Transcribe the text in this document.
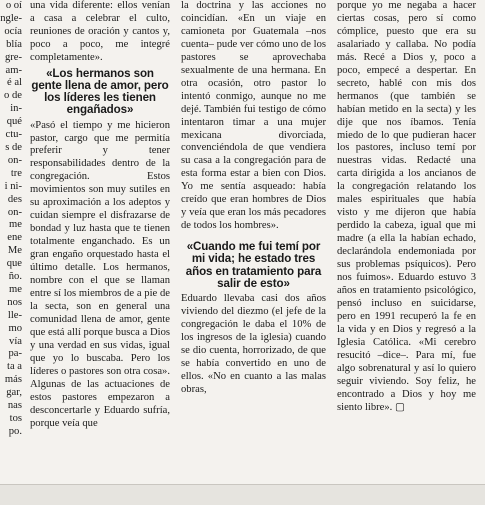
o oí

ngle-

ocía

blía

gre-

am-

é al

o de

in-

qué

ctu-

s de

on-

tre

i ni-

des

on-

me

ene

Me

que

ño.

me

nos

lle-

mo

vía

pa-

ta a

más

gar,

nas

tos

po.

una vida diferente: ellos venían a casa a celebrar el culto, reuniones de oración y cantos y, poco a poco, me integré completamente».

«Los hermanos son gente llena de amor, pero los líderes les tienen engañados»

«Pasó el tiempo y me hicieron pastor, cargo que me permitía preferir y tener responsabilidades dentro de la congregación. Estos movimientos son muy sutiles en su aproximación a los adeptos y cuidan siempre el disfrazarse de bondad y luz hasta que te tienen totalmente enganchado. Es un gran engaño orquestado hasta el último detalle. Los hermanos, nombre con el que se llaman entre sí los miembros de a pie de la secta, son en general una comunidad llena de amor, gente que está allí porque busca a Dios y una verdad en sus vidas, igual que yo lo buscaba. Pero los líderes o pastores son otra cosa». Algunas de las actuaciones de estos pastores empezaron a desconcertarle y Eduardo sufría, porque veía que

la doctrina y las acciones no coincidían. «En un viaje en camioneta por Guatemala –nos cuenta– pude ver cómo uno de los pastores se aprovechaba sexualmente de una hermana. En otra ocasión, otro pastor lo intentó conmigo, aunque no me dejé. También fui testigo de cómo intentaron timar a una mujer mexicana divorciada, convenciéndola de que vendiera su casa a la congregación para de esta forma estar a bien con Dios. Yo me sentía asqueado: había creído que eran hombres de Dios y veía que eran los más pecadores de todos los hombres».

«Cuando me fui temí por mi vida; he estado tres años en tratamiento para salir de esto»

Eduardo llevaba casi dos años viviendo del diezmo (el jefe de la congregación le daba el 10% de los ingresos de la iglesia) cuando se dio cuenta, horrorizado, de que se había convertido en uno de ellos. «No en cuanto a las malas obras,

porque yo me negaba a hacer ciertas cosas, pero sí como cómplice, puesto que era su asalariado y callaba. No podía más. Recé a Dios y, poco a poco, empecé a despertar. En secreto, hablé con mis dos hermanos (que también se habían metido en la secta) y les dije que nos íbamos. Tenía miedo de lo que pudieran hacer los pastores, incluso temí por nuestras vidas. Redacté una carta dirigida a los ancianos de la congregación relatando los males espirituales que había visto y me dijeron que había perdido la cabeza, igual que mi madre (a ella la habían echado, declarándola endemoniada por sus problemas psíquicos). Pero nos fuimos». Eduardo estuvo 3 años en tratamiento psicológico, pensó incluso en suicidarse, pero en 1991 recuperó la fe en la vida y en Dios y regresó a la Iglesia Católica. «Mi cerebro resucitó –dice–. Para mí, fue algo sobrenatural y así lo quiero seguir viviendo. Soy feliz, he encontrado a Dios y hoy me siento libre». ▢
